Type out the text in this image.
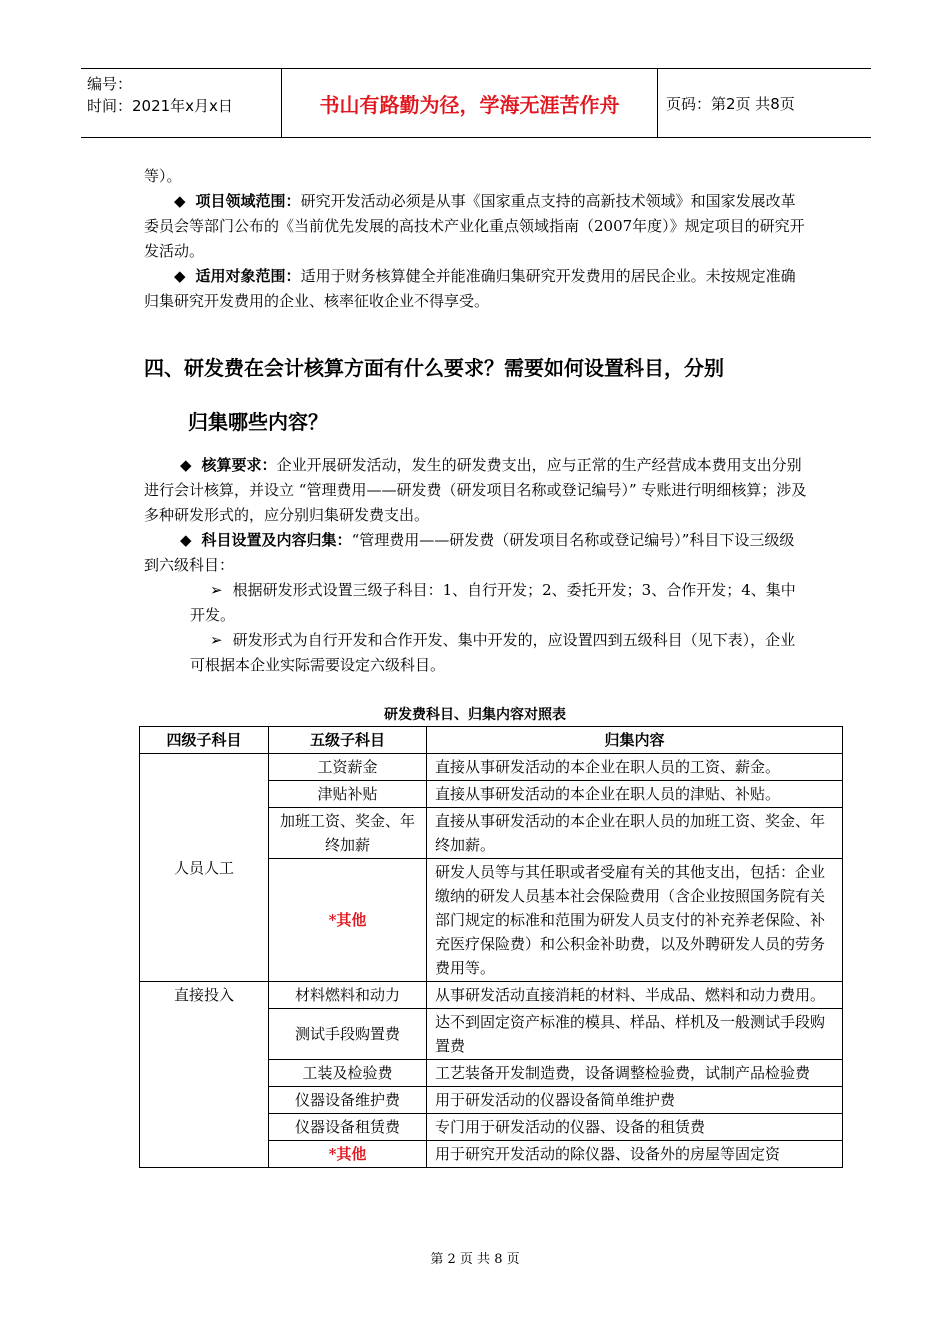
编号：
时间：2021年x月x日	书山有路勤为径，学海无涯苦作舟	页码：第2页 共8页
等）。
◆ 项目领域范围：研究开发活动必须是从事《国家重点支持的高新技术领域》和国家发展改革委员会等部门公布的《当前优先发展的高技术产业化重点领域指南（2007年度）》规定项目的研究开发活动。
◆ 适用对象范围：适用于财务核算健全并能准确归集研究开发费用的居民企业。未按规定准确归集研究开发费用的企业、核率征收企业不得享受。
四、研发费在会计核算方面有什么要求？需要如何设置科目，分别
归集哪些内容？
◆ 核算要求：企业开展研发活动，发生的研发费支出，应与正常的生产经营成本费用支出分别进行会计核算，并设立 “管理费用——研发费（研发项目名称或登记编号）” 专账进行明细核算；涉及多种研发形式的，应分别归集研发费支出。
◆ 科目设置及内容归集：“管理费用——研发费（研发项目名称或登记编号）”科目下设三级级到六级科目：
➢ 根据研发形式设置三级子科目：1、自行开发；2、委托开发；3、合作开发；4、集中开发。
➢ 研发形式为自行开发和合作开发、集中开发的，应设置四到五级科目（见下表），企业可根据本企业实际需要设定六级科目。
研发费科目、归集内容对照表
四级子科目	五级子科目	归集内容
人员人工	工资薪金	直接从事研发活动的本企业在职人员的工资、薪金。
	津贴补贴	直接从事研发活动的本企业在职人员的津贴、补贴。
	加班工资、奖金、年终加薪	直接从事研发活动的本企业在职人员的加班工资、奖金、年终加薪。
	*其他	研发人员等与其任职或者受雇有关的其他支出，包括：企业缴纳的研发人员基本社会保险费用（含企业按照国务院有关部门规定的标准和范围为研发人员支付的补充养老保险、补充医疗保险费）和公积金补助费，以及外聘研发人员的劳务费用等。
直接投入	材料燃料和动力	从事研发活动直接消耗的材料、半成品、燃料和动力费用。
	测试手段购置费	达不到固定资产标准的模具、样品、样机及一般测试手段购置费
	工装及检验费	工艺装备开发制造费，设备调整检验费，试制产品检验费
	仪器设备维护费	用于研发活动的仪器设备简单维护费
	仪器设备租赁费	专门用于研发活动的仪器、设备的租赁费
	*其他	用于研究开发活动的除仪器、设备外的房屋等固定资
第 2 页 共 8 页
